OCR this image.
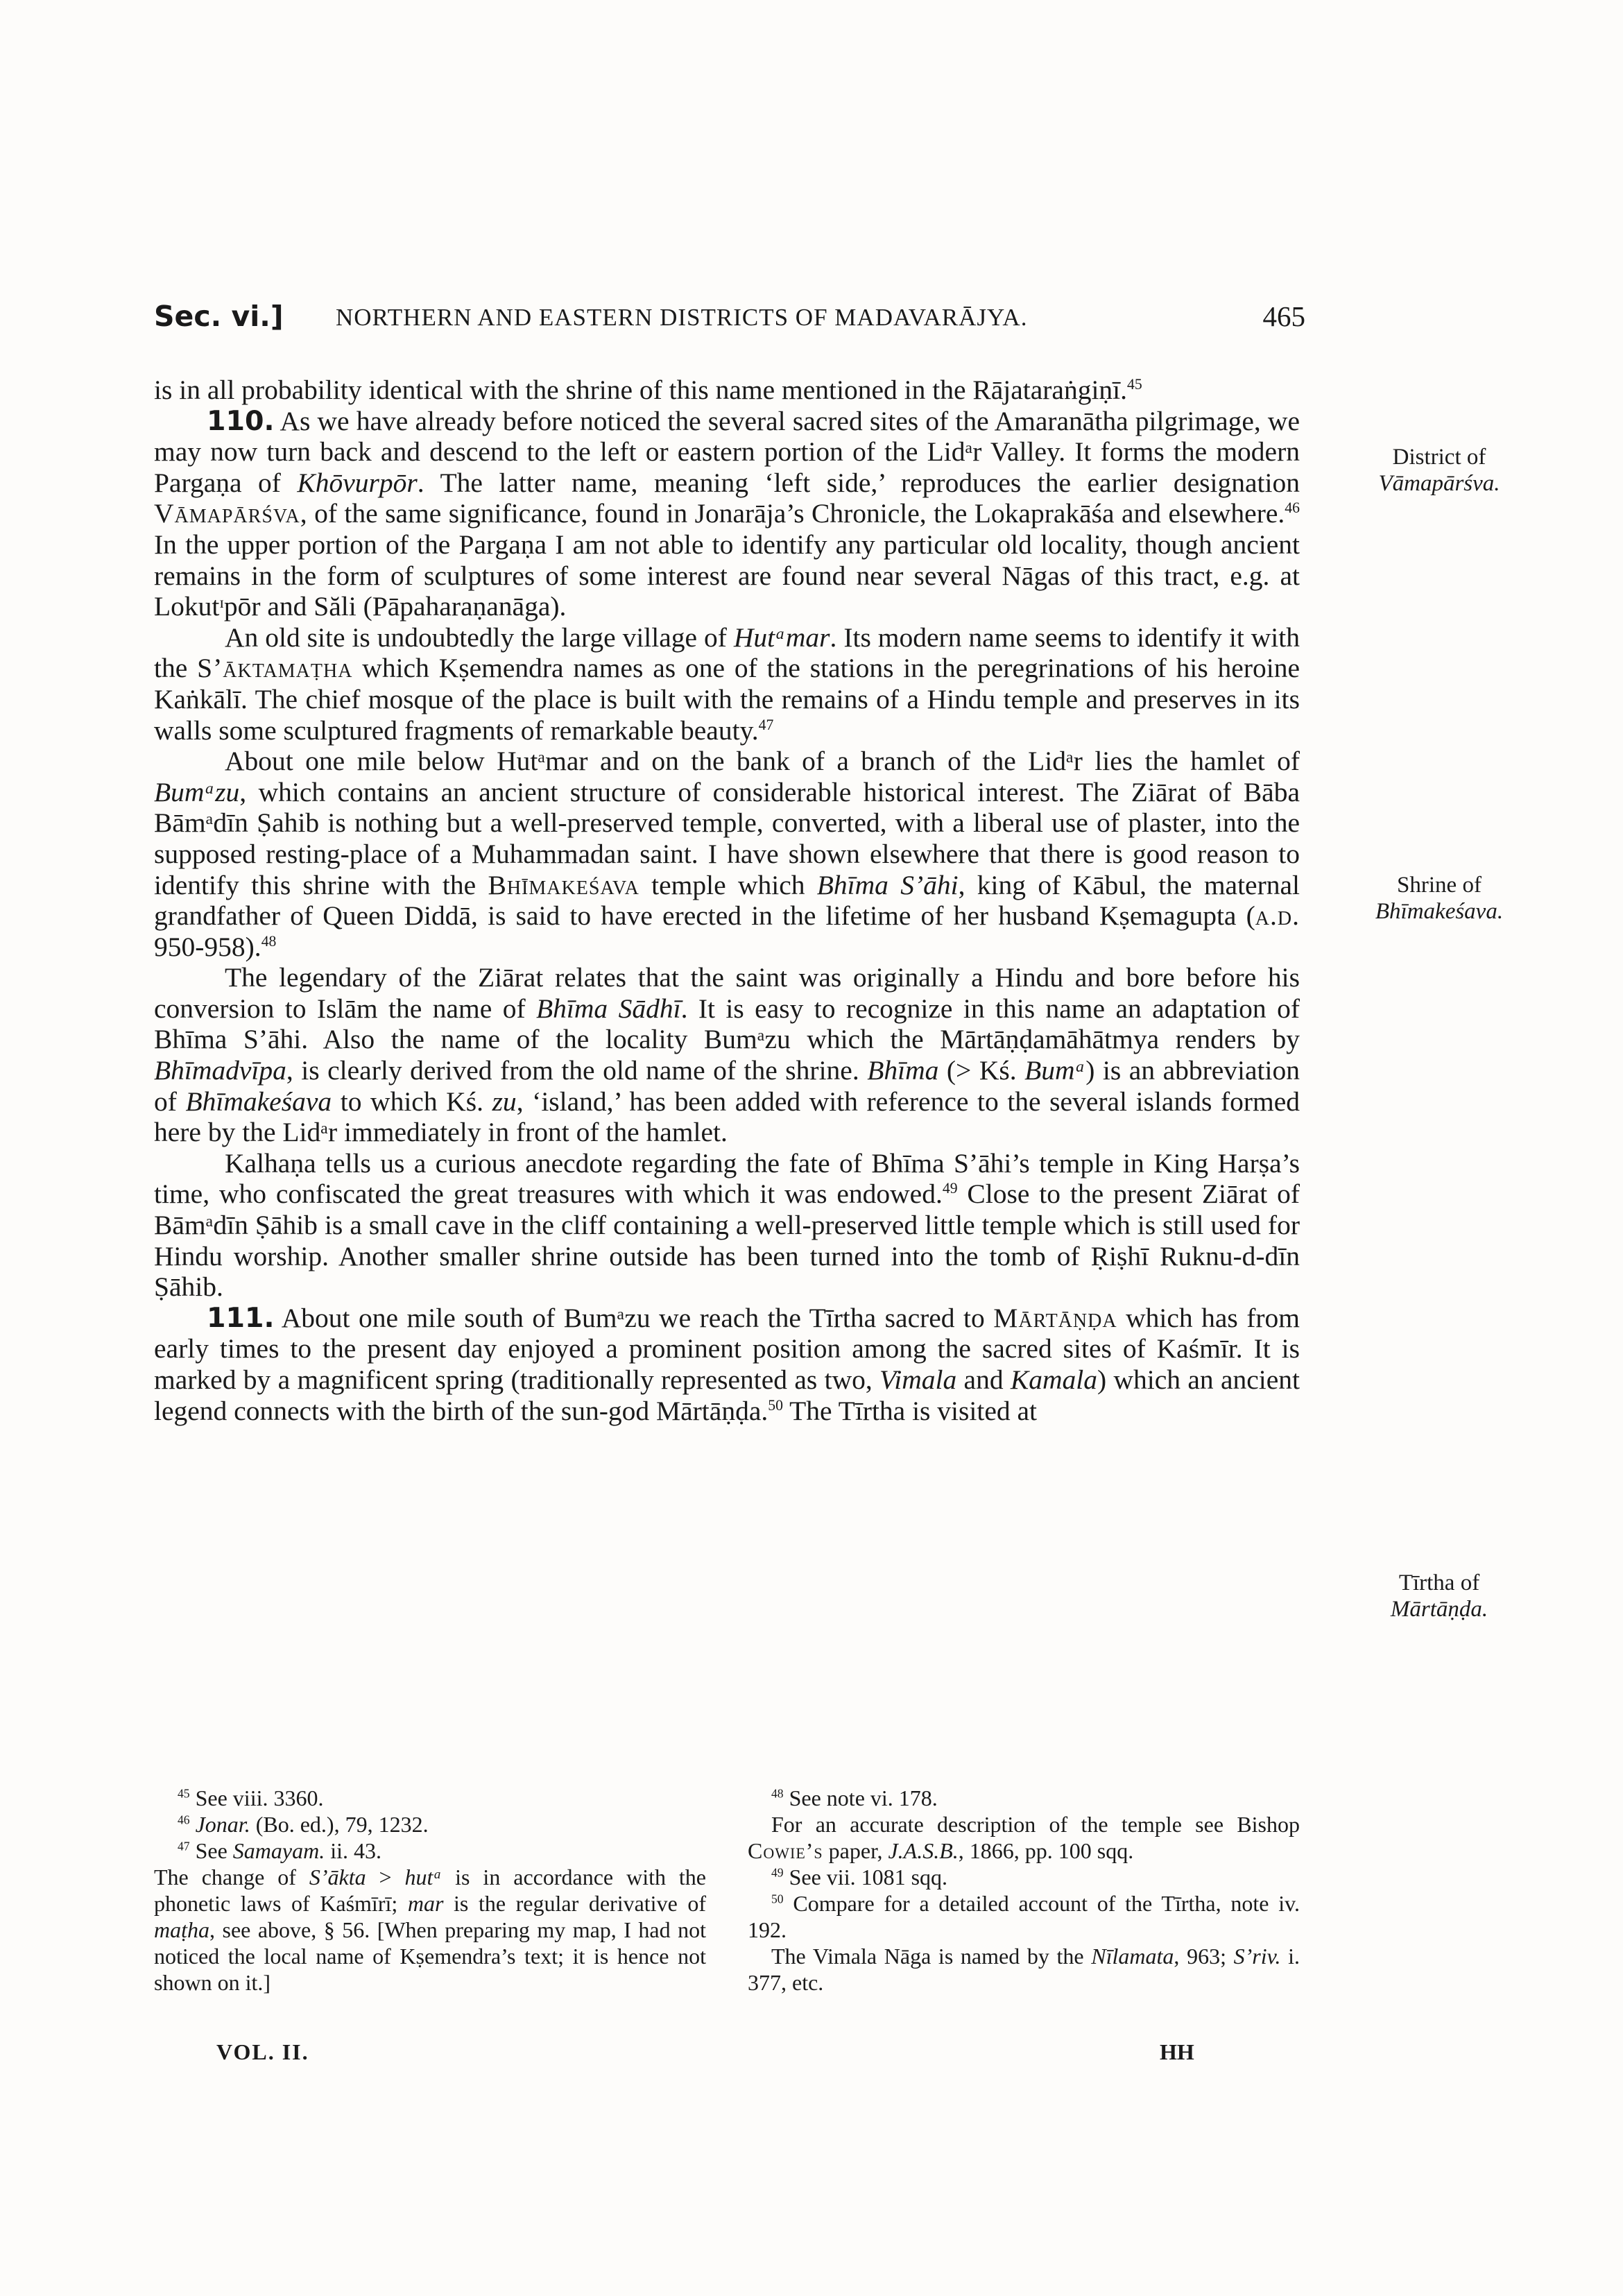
Sec. vi.] NORTHERN AND EASTERN DISTRICTS OF MADAVARĀJYA.	465

is in all probability identical with the shrine of this name mentioned in the Rājataraṅgiṇī.$^{45}$

110. As we have already before noticed the several sacred sites of the Amaranātha pilgrimage, we may now turn back and descend to the left or eastern portion of the Lidᵃr Valley. It forms the modern Pargaṇa of Khōvurpōr. The latter name, meaning ‘left side,’ reproduces the earlier designation Vāmapārśva, of the same significance, found in Jonarāja’s Chronicle, the Lokaprakāśa and elsewhere.$^{46}$ In the upper portion of the Pargaṇa I am not able to identify any particular old locality, though ancient remains in the form of sculptures of some interest are found near several Nāgas of this tract, e.g. at Lokutᶦpōr and Săli (Pāpaharaṇanāga).

An old site is undoubtedly the large village of Hutᵃmar. Its modern name seems to identify it with the S’āktamaṭha which Kṣemendra names as one of the stations in the peregrinations of his heroine Kaṅkālī. The chief mosque of the place is built with the remains of a Hindu temple and preserves in its walls some sculptured fragments of remarkable beauty.$^{47}$

About one mile below Hutᵃmar and on the bank of a branch of the Lidᵃr lies the hamlet of Bumᵃzu, which contains an ancient structure of considerable historical interest. The Ziārat of Bāba Bāmᵃdīn Ṣahib is nothing but a well-preserved temple, converted, with a liberal use of plaster, into the supposed resting-place of a Muhammadan saint. I have shown elsewhere that there is good reason to identify this shrine with the Bhīmakeśava temple which Bhīma S’āhi, king of Kābul, the maternal grandfather of Queen Diddā, is said to have erected in the lifetime of her husband Kṣemagupta (a.d. 950-958).$^{48}$

The legendary of the Ziārat relates that the saint was originally a Hindu and bore before his conversion to Islām the name of Bhīma Sādhī. It is easy to recognize in this name an adaptation of Bhīma S’āhi. Also the name of the locality Bumᵃzu which the Mārtāṇḍamāhātmya renders by Bhīmadvīpa, is clearly derived from the old name of the shrine. Bhīma (> Kś. Bumᵃ) is an abbreviation of Bhīmakeśava to which Kś. zu, ‘island,’ has been added with reference to the several islands formed here by the Lidᵃr immediately in front of the hamlet.

Kalhaṇa tells us a curious anecdote regarding the fate of Bhīma S’āhi’s temple in King Harṣa’s time, who confiscated the great treasures with which it was endowed.$^{49}$ Close to the present Ziārat of Bāmᵃdīn Ṣāhib is a small cave in the cliff containing a well-preserved little temple which is still used for Hindu worship. Another smaller shrine outside has been turned into the tomb of Ṛiṣhī Ruknu-d-dīn Ṣāhib.

111. About one mile south of Bumᵃzu we reach the Tīrtha sacred to Mārtāṇḍa which has from early times to the present day enjoyed a prominent position among the sacred sites of Kaśmīr. It is marked by a magnificent spring (traditionally represented as two, Vimala and Kamala) which an ancient legend connects with the birth of the sun-god Mārtāṇḍa.$^{50}$ The Tīrtha is visited at

District of
Vāmapārśva.
Shrine of
Bhīmakeśava.
Tīrtha of
Mārtāṇḍa.

$^{45}$ See viii. 3360.

$^{46}$ Jonar. (Bo. ed.), 79, 1232.

$^{47}$ See Samayam. ii. 43.

The change of S’ākta > hutᵃ is in accordance with the phonetic laws of Kaśmīrī; mar is the regular derivative of maṭha, see above, § 56. [When preparing my map, I had not noticed the local name of Kṣemendra’s text; it is hence not shown on it.]

$^{48}$ See note vi. 178.

For an accurate description of the temple see Bishop Cowie’s paper, J.A.S.B., 1866, pp. 100 sqq.

$^{49}$ See vii. 1081 sqq.

$^{50}$ Compare for a detailed account of the Tīrtha, note iv. 192.

The Vimala Nāga is named by the Nīlamata, 963; S’riv. i. 377, etc.

VOL. II.	HH
